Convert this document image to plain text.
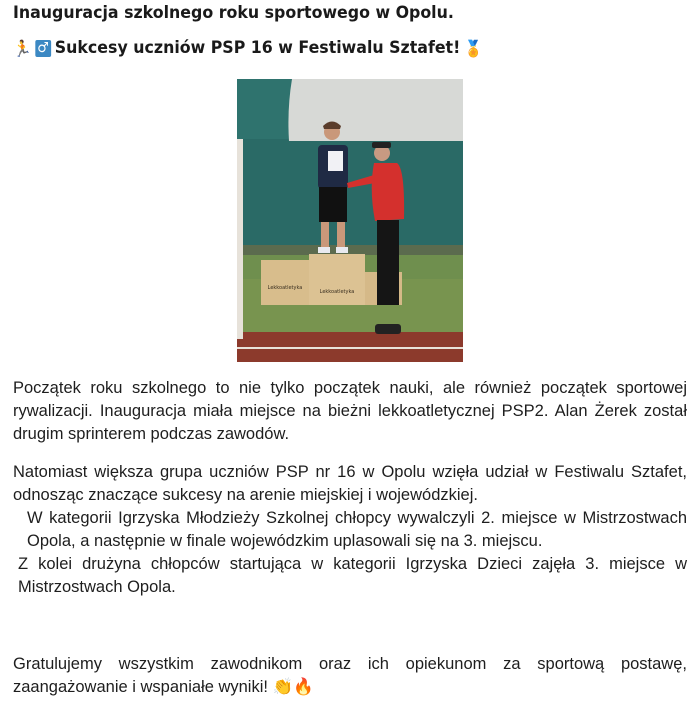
Inauguracja szkolnego roku sportowego w Opolu.
🏃 ♂ Sukcesy uczniów PSP 16 w Festiwalu Sztafet! 🏅
Lekkoatletyka
Lekkoatletyka

Początek roku szkolnego to nie tylko początek nauki, ale również początek sportowej rywalizacji. Inauguracja miała miejsce na bieżni lekkoatletycznej PSP2. Alan Żerek został drugim sprinterem podczas zawodów.

Natomiast większa grupa uczniów PSP nr 16 w Opolu wzięła udział w Festiwalu Sztafet, odnosząc znaczące sukcesy na arenie miejskiej i wojewódzkiej.

W kategorii Igrzyska Młodzieży Szkolnej chłopcy wywalczyli 2. miejsce w Mistrzostwach Opola, a następnie w finale wojewódzkim uplasowali się na 3. miejscu.

Z kolei drużyna chłopców startująca w kategorii Igrzyska Dzieci zajęła 3. miejsce w Mistrzostwach Opola.

Gratulujemy wszystkim zawodnikom oraz ich opiekunom za sportową postawę, zaangażowanie i wspaniałe wyniki! 👏🔥
